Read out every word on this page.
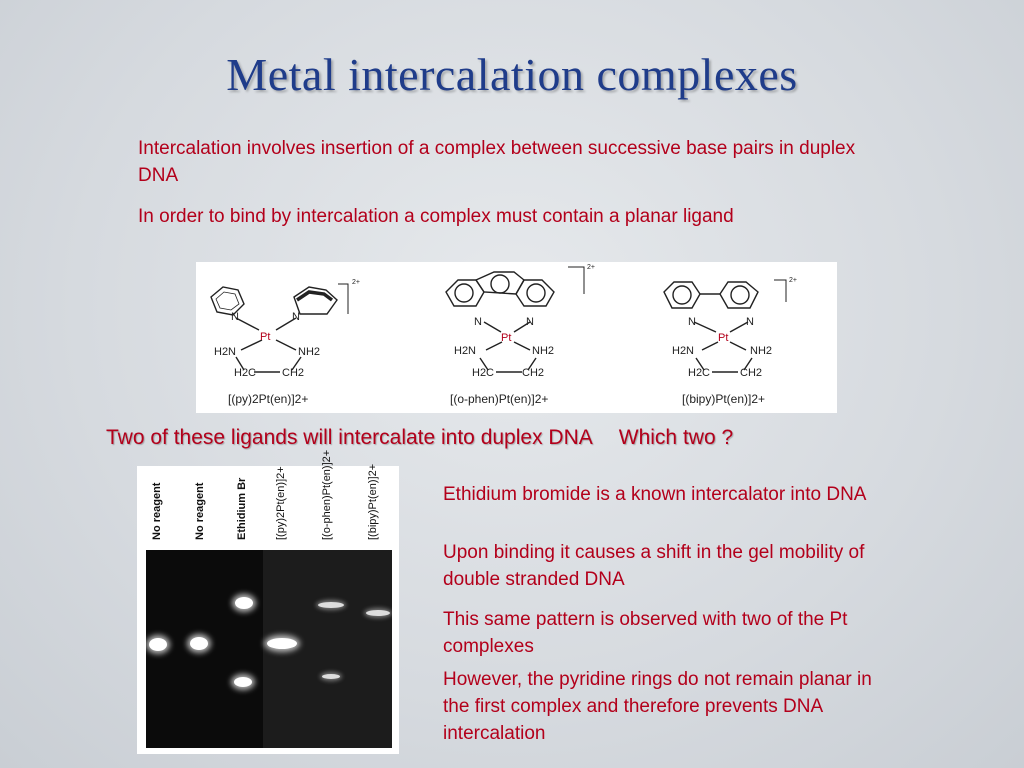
Metal intercalation complexes
Intercalation involves insertion of a complex between successive base pairs in duplex DNA
In order to bind by intercalation a complex must contain a planar ligand
N	N
Pt
H2N	NH2
H2C CH2
2+
[(py)2Pt(en)]2+
N	N
Pt
H2N	NH2
H2C	CH2
2+
[(o-phen)Pt(en)]2+
N	N
Pt
H2N	NH2
H2C	CH2
2+
[(bipy)Pt(en)]2+
Two of these ligands will intercalate into duplex DNA Which two ?
No reagent	No reagent	Ethidium Br [(py)2Pt(en)]2+	[(o-phen)Pt(en)]2+	[(bipy)Pt(en)]2+	Ethidium bromide is a known intercalator into DNA
Upon binding it causes a shift in the gel mobility of double stranded DNA
This same pattern is observed with two of the Pt complexes
However, the pyridine rings do not remain planar in the first complex and therefore prevents DNA intercalation
